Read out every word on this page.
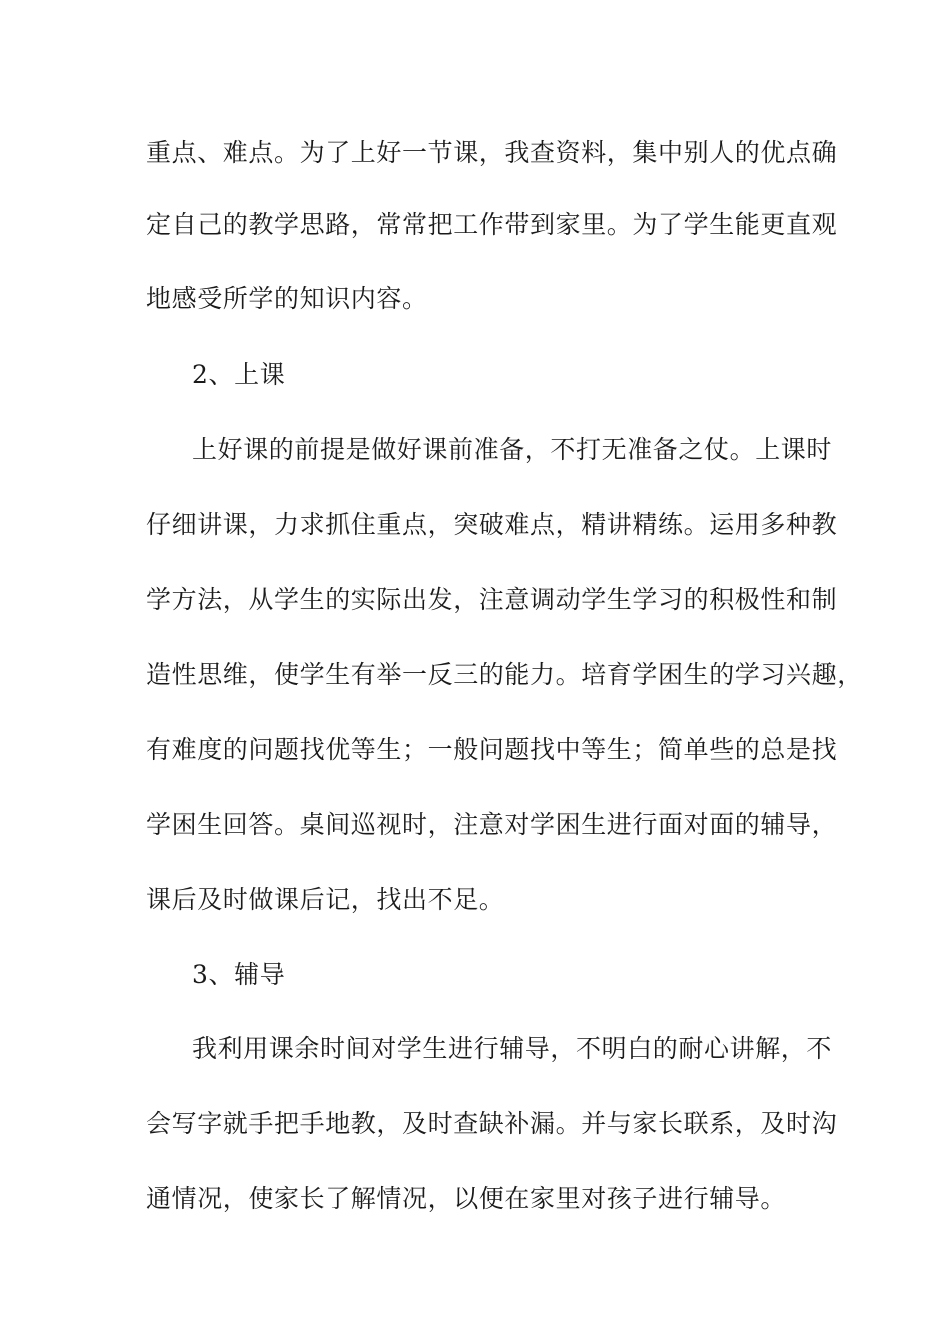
重点、难点。为了上好一节课，我查资料，集中别人的优点确
定自己的教学思路，常常把工作带到家里。为了学生能更直观
地感受所学的知识内容。
2、上课
上好课的前提是做好课前准备，不打无准备之仗。上课时
仔细讲课，力求抓住重点，突破难点，精讲精练。运用多种教
学方法，从学生的实际出发，注意调动学生学习的积极性和制
造性思维，使学生有举一反三的能力。培育学困生的学习兴趣，
有难度的问题找优等生；一般问题找中等生；简单些的总是找
学困生回答。桌间巡视时，注意对学困生进行面对面的辅导，
课后及时做课后记，找出不足。
3、辅导
我利用课余时间对学生进行辅导，不明白的耐心讲解，不
会写字就手把手地教，及时查缺补漏。并与家长联系，及时沟
通情况，使家长了解情况，以便在家里对孩子进行辅导。
